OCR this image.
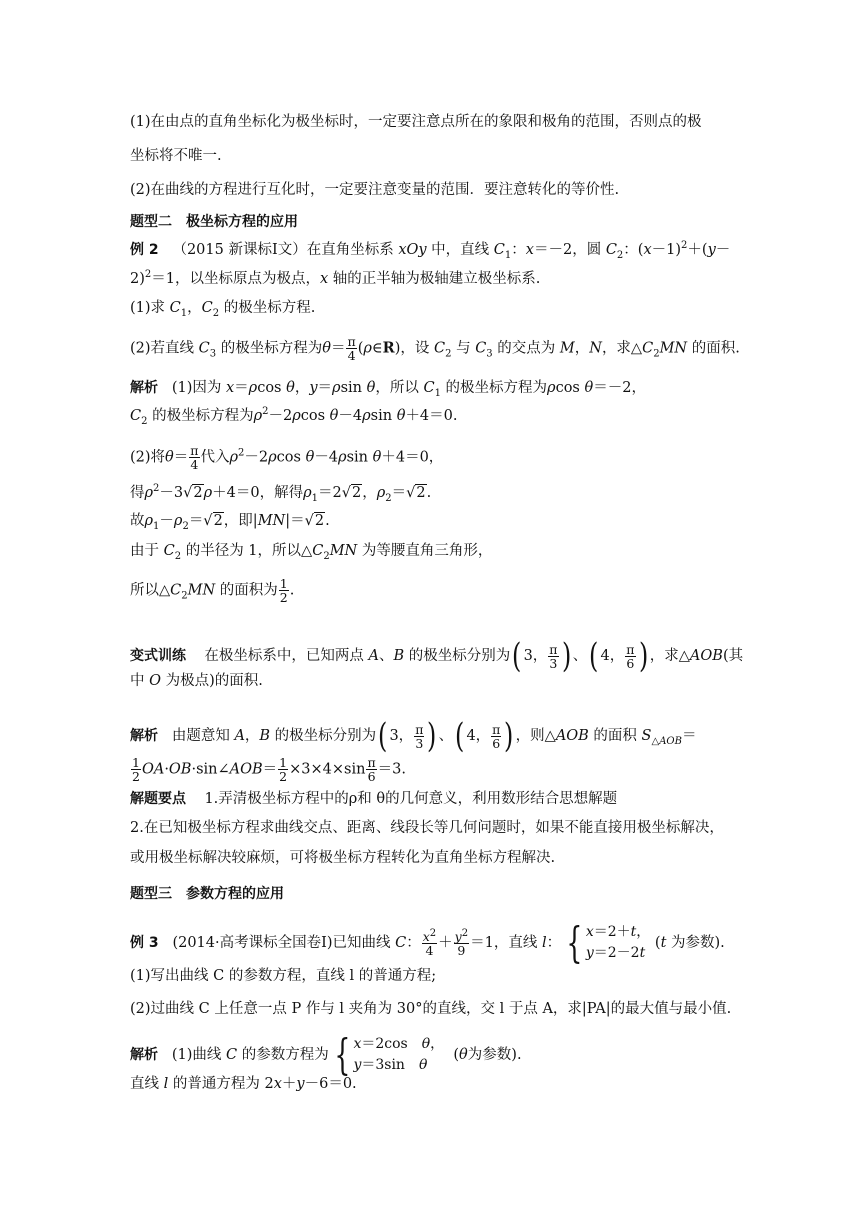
(1)在由点的直角坐标化为极坐标时，一定要注意点所在的象限和极角的范围，否则点的极
坐标将不唯一.
(2)在曲线的方程进行互化时，一定要注意变量的范围．要注意转化的等价性.
题型二　极坐标方程的应用
例 2 （2015 新课标Ⅰ文）在直角坐标系 xOy 中，直线 $C_1$：x＝－2，圆 $C_2$：$(x-1)^2+(y-$
2)$^2$＝1，以坐标原点为极点，x 轴的正半轴为极轴建立极坐标系.
(1)求 $C_1$，$C_2$ 的极坐标方程.
(2)若直线 $C_3$ 的极坐标方程为$\theta= \frac{\pi}{4}$ (ρ∈R)，设 $C_2$ 与 $C_3$ 的交点为 M，N，求$\triangle C_2MN$ 的面积.
解析   (1)因为 x＝ρcos θ，y＝ρsin θ，所以 $C_1$ 的极坐标方程为ρcos θ＝－2，
$C_2$ 的极坐标方程为$\rho^2-2\rho\cos$ θ－4ρsin θ＋4＝0.
(2)将$\theta= \frac{\pi}{4}$ 代入$\rho^2-2\rho\cos$ θ－4ρsin θ＋4＝0，
得$\rho^2-3√2\rho+4=0$，解得$\rho_1=2√2$，$\rho_2=√2$.
故$\rho_1-\rho_2=√2$，即|MN|＝√2.
由于 $C_2$ 的半径为 1，所以$\triangle C_2MN$ 为等腰直角三角形，
所以$\triangle C_2MN$ 的面积为 $\frac{1}{2}$ .
变式训练    在极坐标系中，已知两点 A、B 的极坐标分别为( 3， $\frac{\pi}{3}$ ) 、( 4， $\frac{\pi}{6}$ ) ，求△AOB(其
中 O 为极点)的面积.
解析   由题意知 A，B 的极坐标分别为( 3， $\frac{\pi}{3}$ ) 、( 4， $\frac{\pi}{6}$ ) ，则△AOB 的面积 $S_{\triangle AOB}=$
$\frac{1}{2}$ OA·OB·sin∠AOB＝ $\frac{1}{2} \times 3\times 4\times\sin \frac{\pi}{6} =3$.
解题要点 1.弄清极坐标方程中的ρ和 θ的几何意义，利用数形结合思想解题
2.在已知极坐标方程求曲线交点、距离、线段长等几何问题时，如果不能直接用极坐标解决，
或用极坐标解决较麻烦，可将极坐标方程转化为直角坐标方程解决.
题型三　参数方程的应用
例 3 (2014·高考课标全国卷Ⅰ)已知曲线 C： $\frac{x^2}{4} + \frac{y^2}{9} =1$，直线 l： { x＝2＋t，
y＝2－2t (t 为参数).
(1)写出曲线 C 的参数方程，直线 l 的普通方程;
(2)过曲线 C 上任意一点 P 作与 l 夹角为 30°的直线，交 l 于点 A，求|PA|的最大值与最小值.
解析   (1)曲线 C 的参数方程为 { x＝2cos　θ，
y＝3sin　θ  (θ为参数).
直线 l 的普通方程为 2x＋y－6＝0.
